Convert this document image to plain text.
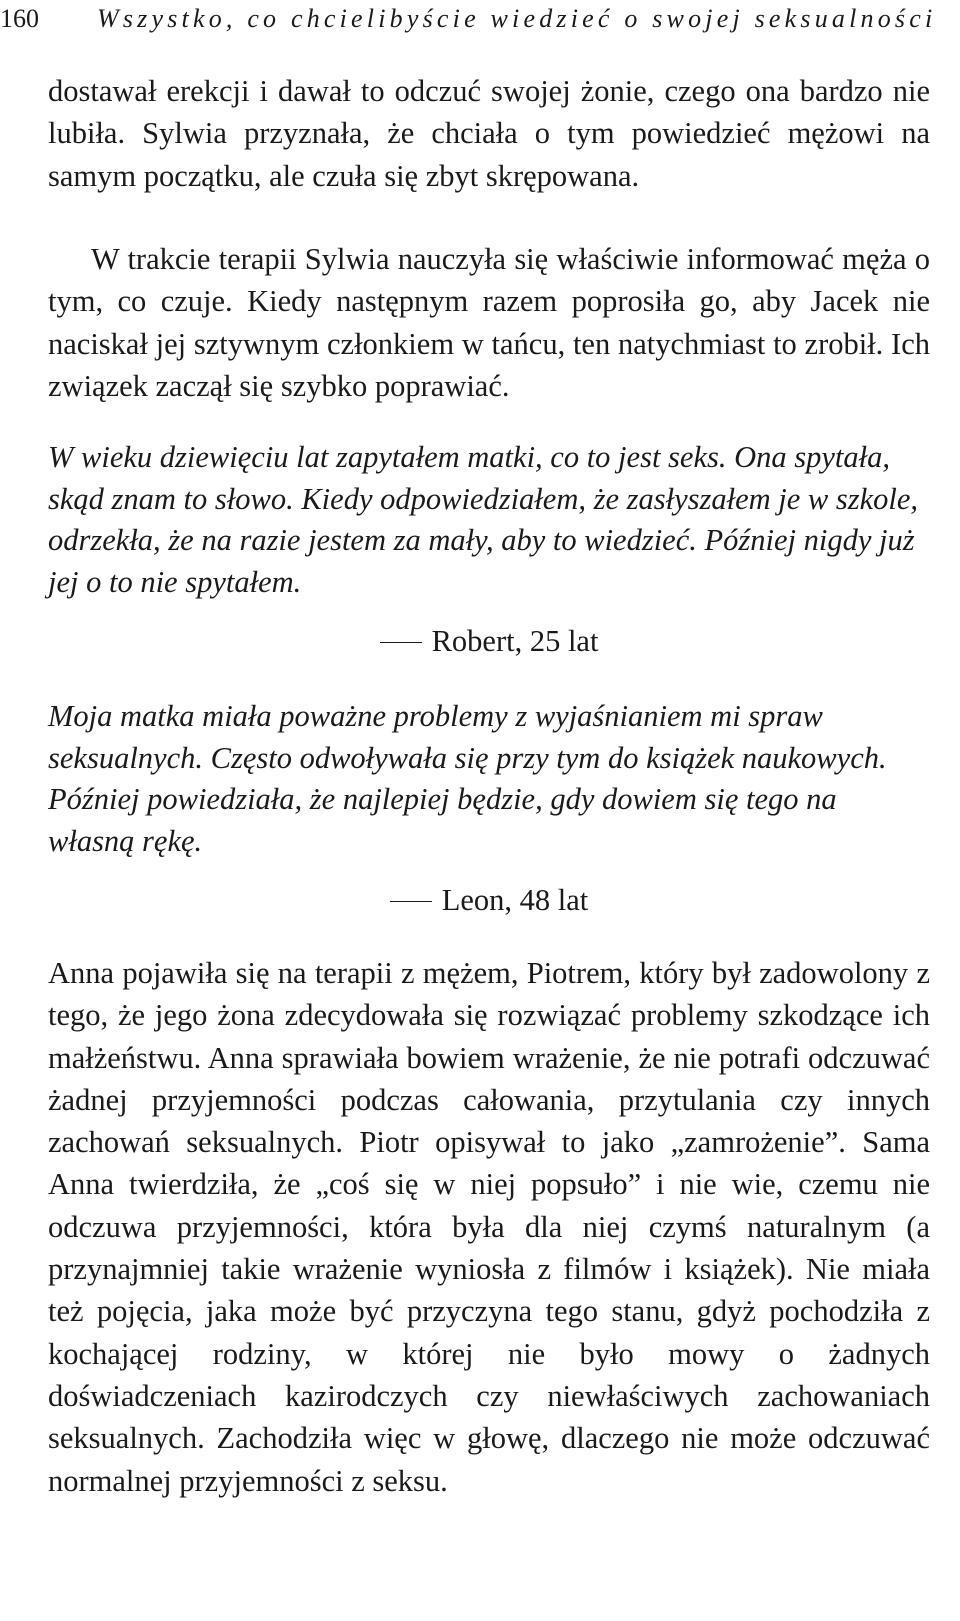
160 Wszystko, co chcielibyście wiedzieć o swojej seksualności

dostawał erekcji i dawał to odczuć swojej żonie, czego ona bardzo nie lubiła. Sylwia przyznała, że chciała o tym powiedzieć mężowi na samym początku, ale czuła się zbyt skrępowana.

W trakcie terapii Sylwia nauczyła się właściwie informować męża o tym, co czuje. Kiedy następnym razem poprosiła go, aby Jacek nie naciskał jej sztywnym członkiem w tańcu, ten natychmiast to zrobił. Ich związek zaczął się szybko poprawiać.

W wieku dziewięciu lat zapytałem matki, co to jest seks. Ona spytała, skąd znam to słowo. Kiedy odpowiedziałem, że zasłyszałem je w szkole, odrzekła, że na razie jestem za mały, aby to wiedzieć. Później nigdy już jej o to nie spytałem.

Robert, 25 lat

Moja matka miała poważne problemy z wyjaśnianiem mi spraw seksualnych. Często odwoływała się przy tym do książek naukowych. Później powiedziała, że najlepiej będzie, gdy dowiem się tego na własną rękę.

Leon, 48 lat

Anna pojawiła się na terapii z mężem, Piotrem, który był zadowolony z tego, że jego żona zdecydowała się rozwiązać problemy szkodzące ich małżeństwu. Anna sprawiała bowiem wrażenie, że nie potrafi odczuwać żadnej przyjemności podczas całowania, przytulania czy innych zachowań seksualnych. Piotr opisywał to jako „zamrożenie”. Sama Anna twierdziła, że „coś się w niej popsuło” i nie wie, czemu nie odczuwa przyjemności, która była dla niej czymś naturalnym (a przynajmniej takie wrażenie wyniosła z filmów i książek). Nie miała też pojęcia, jaka może być przyczyna tego stanu, gdyż pochodziła z kochającej rodziny, w której nie było mowy o żadnych doświadczeniach kazirodczych czy niewłaściwych zachowaniach seksualnych. Zachodziła więc w głowę, dlaczego nie może odczuwać normalnej przyjemności z seksu.
